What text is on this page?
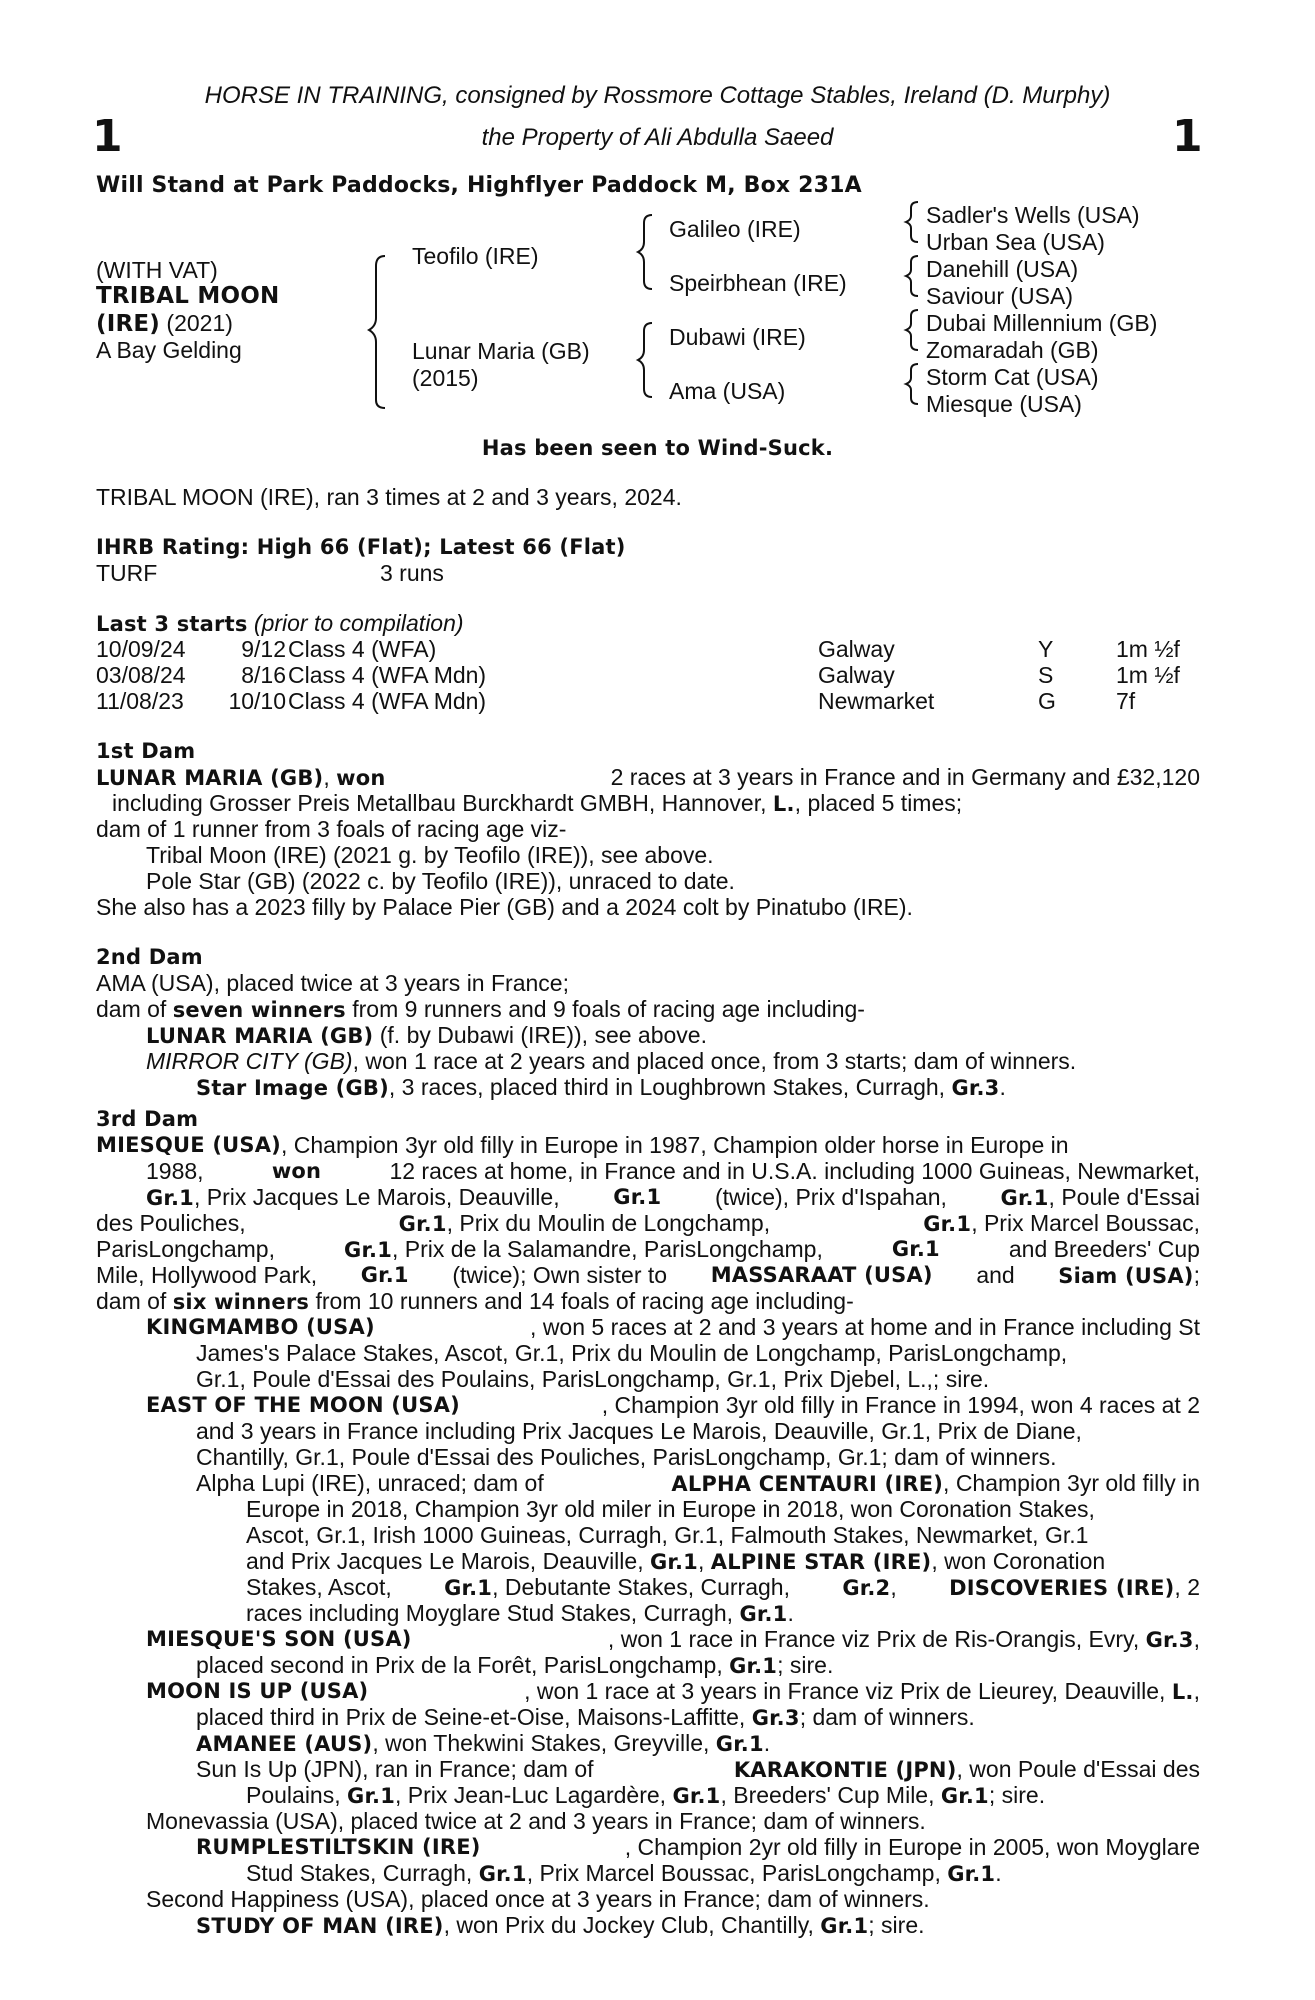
HORSE IN TRAINING, consigned by Rossmore Cottage Stables, Ireland (D. Murphy)
1	the Property of Ali Abdulla Saeed	1
Will Stand at Park Paddocks, Highflyer Paddock M, Box 231A
(WITH VAT)
TRIBAL MOON
(IRE) (2021)
A Bay Gelding
Teofilo (IRE)
Lunar Maria (GB)
(2015)
Galileo (IRE)
Speirbhean (IRE)
Dubawi (IRE)
Ama (USA)
Sadler's Wells (USA)
Urban Sea (USA)
Danehill (USA)
Saviour (USA)
Dubai Millennium (GB)
Zomaradah (GB)
Storm Cat (USA)
Miesque (USA)
Has been seen to Wind-Suck.
TRIBAL MOON (IRE), ran 3 times at 2 and 3 years, 2024.
IHRB Rating: High 66 (Flat); Latest 66 (Flat)
TURF	3 runs
Last 3 starts (prior to compilation)
10/09/24	9/12 Class 4 (WFA)	Galway	Y	1m ½f
03/08/24	8/16 Class 4 (WFA Mdn)	Galway	S	1m ½f
11/08/23 10/10 Class 4 (WFA Mdn)	Newmarket	G	7f
1st Dam
LUNAR MARIA (GB), won	2 races at 3 years in France and in Germany and £32,120
including Grosser Preis Metallbau Burckhardt GMBH, Hannover, L., placed 5 times;
dam of 1 runner from 3 foals of racing age viz-
Tribal Moon (IRE) (2021 g. by Teofilo (IRE)), see above.
Pole Star (GB) (2022 c. by Teofilo (IRE)), unraced to date.
She also has a 2023 filly by Palace Pier (GB) and a 2024 colt by Pinatubo (IRE).
2nd Dam
AMA (USA), placed twice at 3 years in France;
dam of seven winners from 9 runners and 9 foals of racing age including-
LUNAR MARIA (GB) (f. by Dubawi (IRE)), see above.
MIRROR CITY (GB), won 1 race at 2 years and placed once, from 3 starts; dam of winners.
Star Image (GB), 3 races, placed third in Loughbrown Stakes, Curragh, Gr.3.
3rd Dam
MIESQUE (USA) , Champion 3yr old filly in Europe in 1987, Champion older horse in Europe in
1988,	won	12 races at home, in France and in U.S.A. including 1000 Guineas, Newmarket,
Gr.1, Prix Jacques Le Marois, Deauville,	Gr.1 (twice), Prix d'Ispahan,	Gr.1, Poule d'Essai
des Pouliches,	Gr.1, Prix du Moulin de Longchamp,	Gr.1, Prix Marcel Boussac,
ParisLongchamp,	Gr.1, Prix de la Salamandre, ParisLongchamp,	Gr.1	and Breeders' Cup
Mile, Hollywood Park, Gr.1 (twice); Own sister to MASSARAAT (USA) and Siam (USA);
dam of six winners from 10 runners and 14 foals of racing age including-
KINGMAMBO (USA)	, won 5 races at 2 and 3 years at home and in France including St
James's Palace Stakes, Ascot, Gr.1, Prix du Moulin de Longchamp, ParisLongchamp,
Gr.1, Poule d'Essai des Poulains, ParisLongchamp, Gr.1, Prix Djebel, L.,; sire.
EAST OF THE MOON (USA)	, Champion 3yr old filly in France in 1994, won 4 races at 2
and 3 years in France including Prix Jacques Le Marois, Deauville, Gr.1, Prix de Diane,
Chantilly, Gr.1, Poule d'Essai des Pouliches, ParisLongchamp, Gr.1; dam of winners.
Alpha Lupi (IRE), unraced; dam of	ALPHA CENTAURI (IRE), Champion 3yr old filly in
Europe in 2018, Champion 3yr old miler in Europe in 2018, won Coronation Stakes,
Ascot, Gr.1, Irish 1000 Guineas, Curragh, Gr.1, Falmouth Stakes, Newmarket, Gr.1
and Prix Jacques Le Marois, Deauville, Gr.1, ALPINE STAR (IRE), won Coronation
Stakes, Ascot, Gr.1, Debutante Stakes, Curragh, Gr.2, DISCOVERIES (IRE), 2
races including Moyglare Stud Stakes, Curragh, Gr.1.
MIESQUE'S SON (USA)	, won 1 race in France viz Prix de Ris-Orangis, Evry, Gr.3,
placed second in Prix de la Forêt, ParisLongchamp, Gr.1; sire.
MOON IS UP (USA)	, won 1 race at 3 years in France viz Prix de Lieurey, Deauville, L.,
placed third in Prix de Seine-et-Oise, Maisons-Laffitte, Gr.3; dam of winners.
AMANEE (AUS), won Thekwini Stakes, Greyville, Gr.1.
Sun Is Up (JPN), ran in France; dam of	KARAKONTIE (JPN), won Poule d'Essai des
Poulains, Gr.1, Prix Jean-Luc Lagardère, Gr.1, Breeders' Cup Mile, Gr.1; sire.
Monevassia (USA), placed twice at 2 and 3 years in France; dam of winners.
RUMPLESTILTSKIN (IRE)	, Champion 2yr old filly in Europe in 2005, won Moyglare
Stud Stakes, Curragh, Gr.1, Prix Marcel Boussac, ParisLongchamp, Gr.1.
Second Happiness (USA), placed once at 3 years in France; dam of winners.
STUDY OF MAN (IRE), won Prix du Jockey Club, Chantilly, Gr.1; sire.
